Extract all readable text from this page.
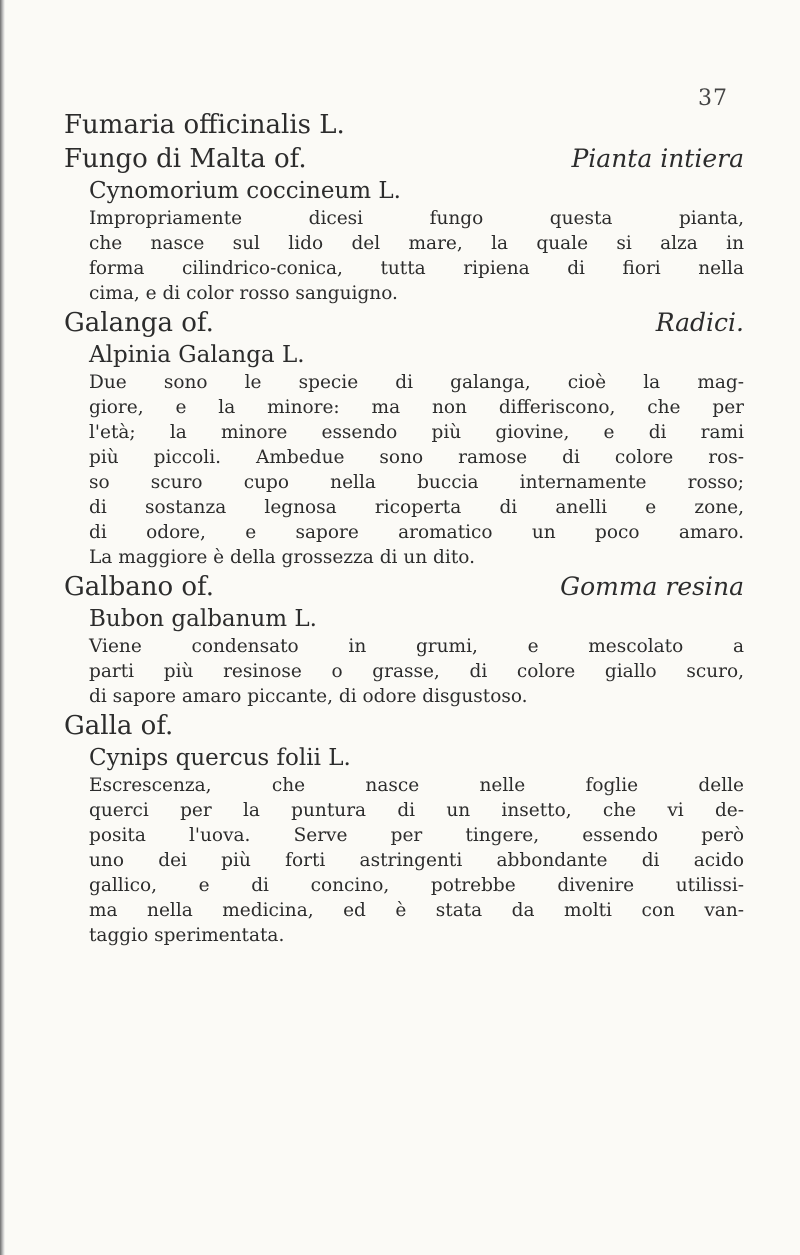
37
Fumaria officinalis L.
Fungo di Malta of.	Pianta intiera
Cynomorium coccineum L.

Impropriamente dicesi fungo questa pianta,
che nasce sul lido del mare, la quale si alza in
forma cilindrico-conica, tutta ripiena di fiori nella
cima, e di color rosso sanguigno.

Galanga of.	Radici.
Alpinia Galanga L.

Due sono le specie di galanga, cioè la mag-
giore, e la minore: ma non differiscono, che per
l'età; la minore essendo più giovine, e di rami
più piccoli. Ambedue sono ramose di colore ros-
so scuro cupo nella buccia internamente rosso;
di sostanza legnosa ricoperta di anelli e zone,
di odore, e sapore aromatico un poco amaro.
La maggiore è della grossezza di un dito.

Galbano of.	Gomma resina
Bubon galbanum L.

Viene condensato in grumi, e mescolato a
parti più resinose o grasse, di colore giallo scuro,
di sapore amaro piccante, di odore disgustoso.

Galla of.
Cynips quercus folii L.

Escrescenza, che nasce nelle foglie delle
querci per la puntura di un insetto, che vi de-
posita l'uova. Serve per tingere, essendo però
uno dei più forti astringenti abbondante di acido
gallico, e di concino, potrebbe divenire utilissi-
ma nella medicina, ed è stata da molti con van-
taggio sperimentata.
